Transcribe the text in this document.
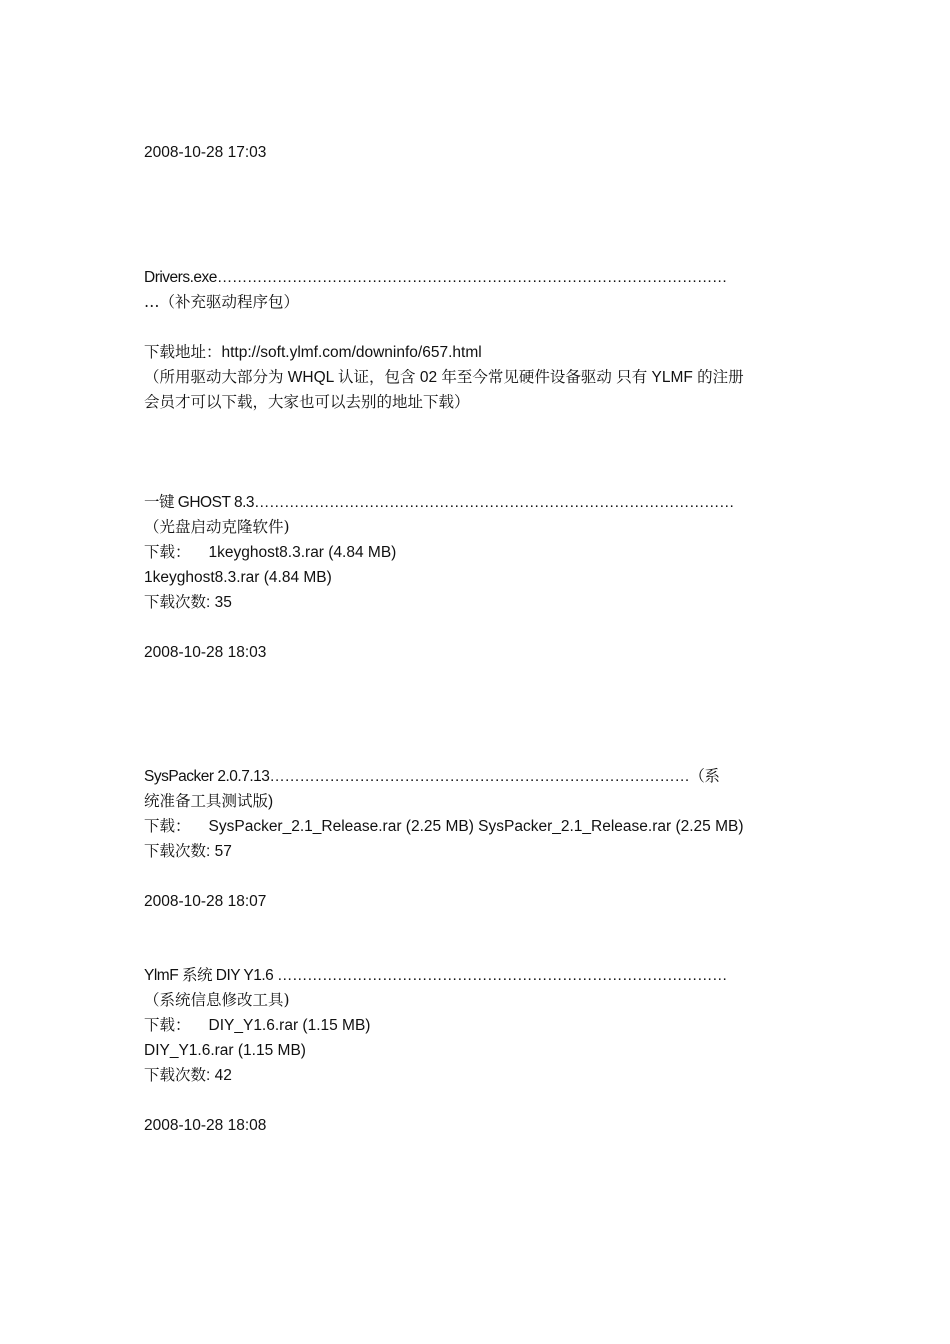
2008-10-28 17:03
Drivers.exe…………………………………………………………………………………………
…（补充驱动程序包）
下载地址：http://soft.ylmf.com/downinfo/657.html
（所用驱动大部分为 WHQL 认证，包含 02 年至今常见硬件设备驱动 只有 YLMF 的注册
会员才可以下载，大家也可以去别的地址下载）
一键 GHOST 8.3……………………………………………………………………………………
（光盘启动克隆软件)
下载： 1keyghost8.3.rar (4.84 MB)
1keyghost8.3.rar (4.84 MB)
下载次数: 35
2008-10-28 18:03
SysPacker 2.0.7.13…………………………………………………………………………（系
统准备工具测试版)
下载： SysPacker_2.1_Release.rar (2.25 MB) SysPacker_2.1_Release.rar (2.25 MB)
下载次数: 57
2008-10-28 18:07
YlmF 系统 DIY Y1.6 ………………………………………………………………………………
（系统信息修改工具)
下载： DIY_Y1.6.rar (1.15 MB)
DIY_Y1.6.rar (1.15 MB)
下载次数: 42
2008-10-28 18:08
